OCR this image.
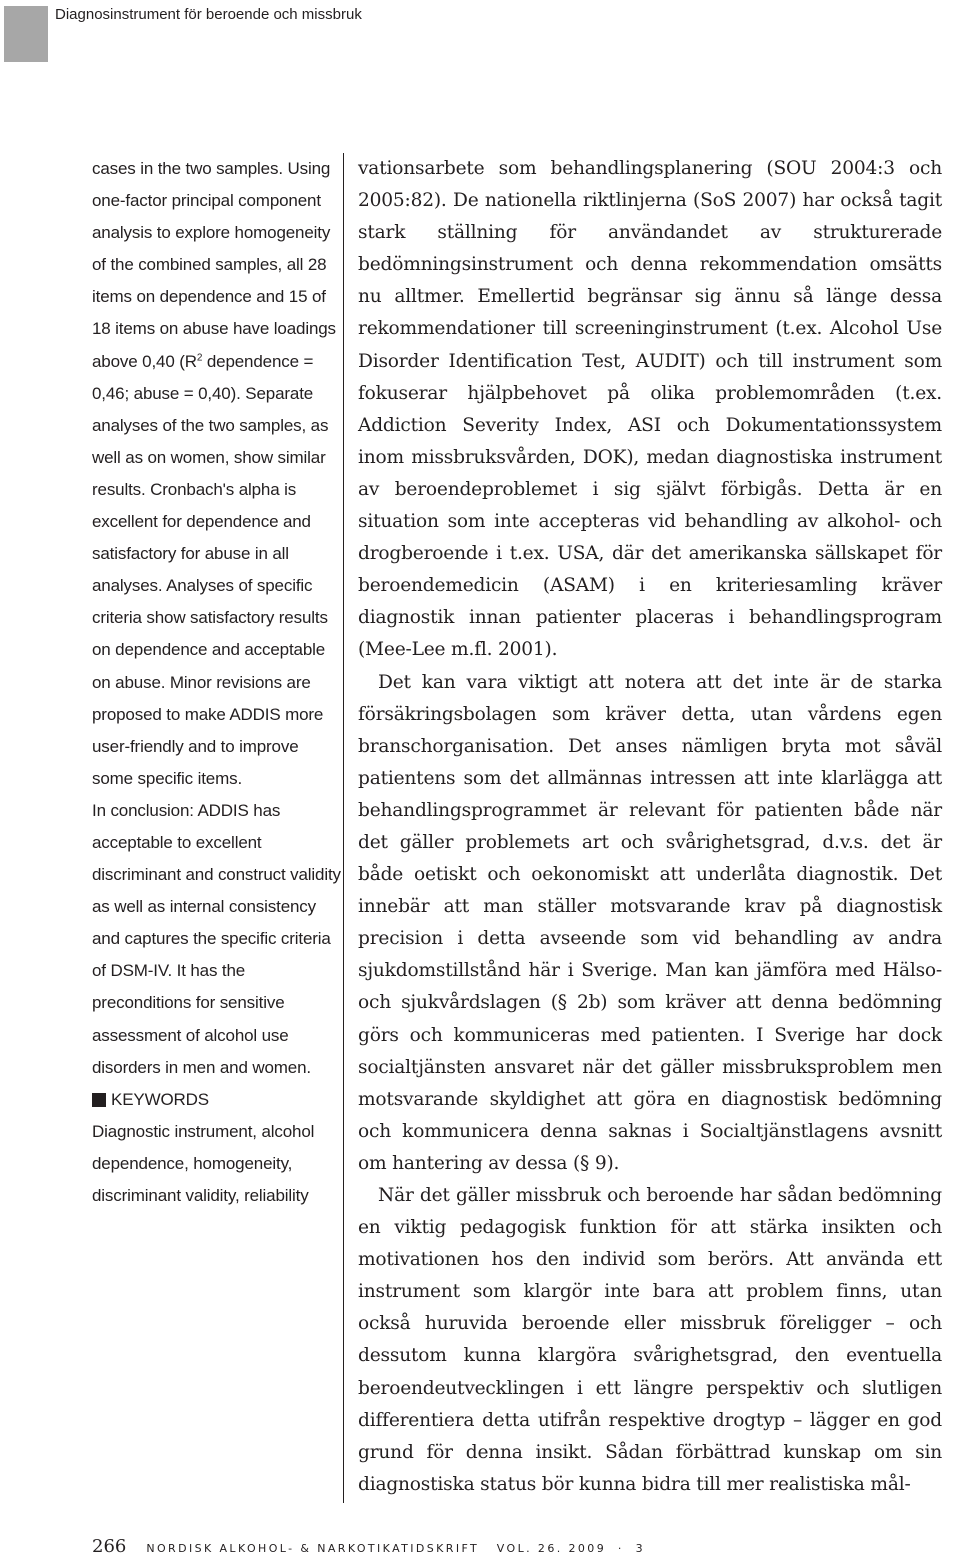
Diagnosinstrument för beroende och missbruk

cases in the two samples. Using one-factor principal component analysis to explore homogeneity of the combined samples, all 28 items on dependence and 15 of 18 items on abuse have loadings above 0,40 ($R^2$ dependence = 0,46; abuse = 0,40). Separate analyses of the two samples, as well as on women, show similar results. Cronbach's alpha is excellent for dependence and satisfactory for abuse in all analyses. Analyses of specific criteria show satisfactory results on dependence and acceptable on abuse. Minor revisions are proposed to make ADDIS more user-friendly and to improve some specific items.

In conclusion: ADDIS has acceptable to excellent discriminant and construct validity as well as internal consistency and captures the specific criteria of DSM-IV. It has the preconditions for sensitive assessment of alcohol use disorders in men and women.

KEYWORDS

Diagnostic instrument, alcohol dependence, homogeneity, discriminant validity, reliability

vationsarbete som behandlingsplanering (SOU 2004:3 och 2005:82). De nationella riktlinjerna (SoS 2007) har också tagit stark ställning för användandet av strukturerade bedömningsinstrument och denna rekommendation omsätts nu alltmer. Emellertid begränsar sig ännu så länge dessa rekommendationer till screeninginstrument (t.ex. Alcohol Use Disorder Identification Test, AUDIT) och till instrument som fokuserar hjälpbehovet på olika problemområden (t.ex. Addiction Severity Index, ASI och Dokumentationssystem inom missbruksvården, DOK), medan diagnostiska instrument av beroendeproblemet i sig självt förbigås. Detta är en situation som inte accepteras vid behandling av alkohol- och drogberoende i t.ex. USA, där det amerikanska sällskapet för beroendemedicin (ASAM) i en kriteriesamling kräver diagnostik innan patienter placeras i behandlingsprogram (Mee-Lee m.fl. 2001).

Det kan vara viktigt att notera att det inte är de starka försäkringsbolagen som kräver detta, utan vårdens egen branschorganisation. Det anses nämligen bryta mot såväl patientens som det allmännas intressen att inte klarlägga att behandlingsprogrammet är relevant för patienten både när det gäller problemets art och svårighetsgrad, d.v.s. det är både oetiskt och oekonomiskt att underlåta diagnostik. Det innebär att man ställer motsvarande krav på diagnostisk precision i detta avseende som vid behandling av andra sjukdomstillstånd här i Sverige. Man kan jämföra med Hälso- och sjukvårdslagen (§ 2b) som kräver att denna bedömning görs och kommuniceras med patienten. I Sverige har dock socialtjänsten ansvaret när det gäller missbruksproblem men motsvarande skyldighet att göra en diagnostisk bedömning och kommunicera denna saknas i Socialtjänstlagens avsnitt om hantering av dessa (§ 9).

När det gäller missbruk och beroende har sådan bedömning en viktig pedagogisk funktion för att stärka insikten och motivationen hos den individ som berörs. Att använda ett instrument som klargör inte bara att problem finns, utan också huruvida beroende eller missbruk föreligger – och dessutom kunna klargöra svårighetsgrad, den eventuella beroendeutvecklingen i ett längre perspektiv och slutligen differentiera detta utifrån respektive drogtyp – lägger en god grund för denna insikt. Sådan förbättrad kunskap om sin diagnostiska status bör kunna bidra till mer realistiska mål-

266 NORDISK ALKOHOL- & NARKOTIKATIDSKRIFT   VOL. 26. 2009  ·  3
